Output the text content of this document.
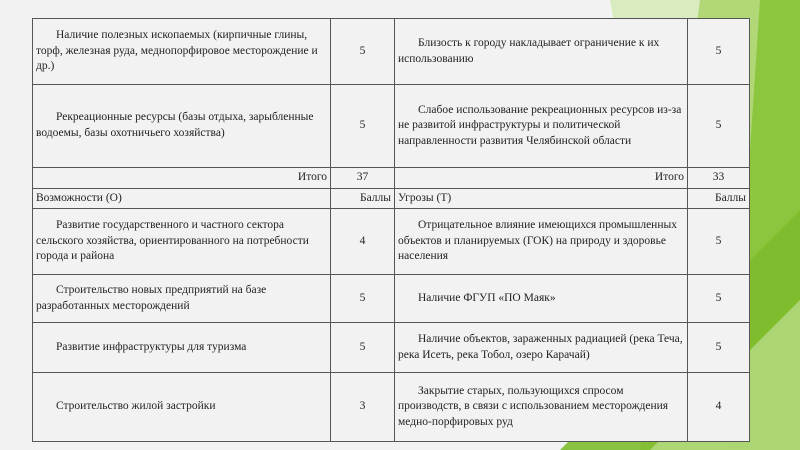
Наличие полезных ископаемых (кирпичные глины, торф, железная руда, меднопорфировое месторождение и др.)	5	Близость к городу накладывает ограничение к их использованию	5
Рекреационные ресурсы (базы отдыха, зарыбленные водоемы, базы охотничьего хозяйства)	5	Слабое использование рекреационных ресурсов из-за не развитой инфраструктуры и политической направленности развития Челябинской области	5
Итого	37	Итого	33
Возможности (О)	Баллы	Угрозы (Т)	Баллы
Развитие государственного и частного сектора сельского хозяйства, ориентированного на потребности города и района	4	Отрицательное влияние имеющихся промышленных объектов и планируемых (ГОК) на природу и здоровье населения	5
Строительство новых предприятий на базе разработанных месторождений	5	Наличие ФГУП «ПО Маяк»	5
Развитие инфраструктуры для туризма	5	Наличие объектов, зараженных радиацией (река Теча, река Исеть, река Тобол, озеро Карачай)	5
Строительство жилой застройки	3	Закрытие старых, пользующихся спросом производств, в связи с использованием месторождения медно-порфировых руд	4
